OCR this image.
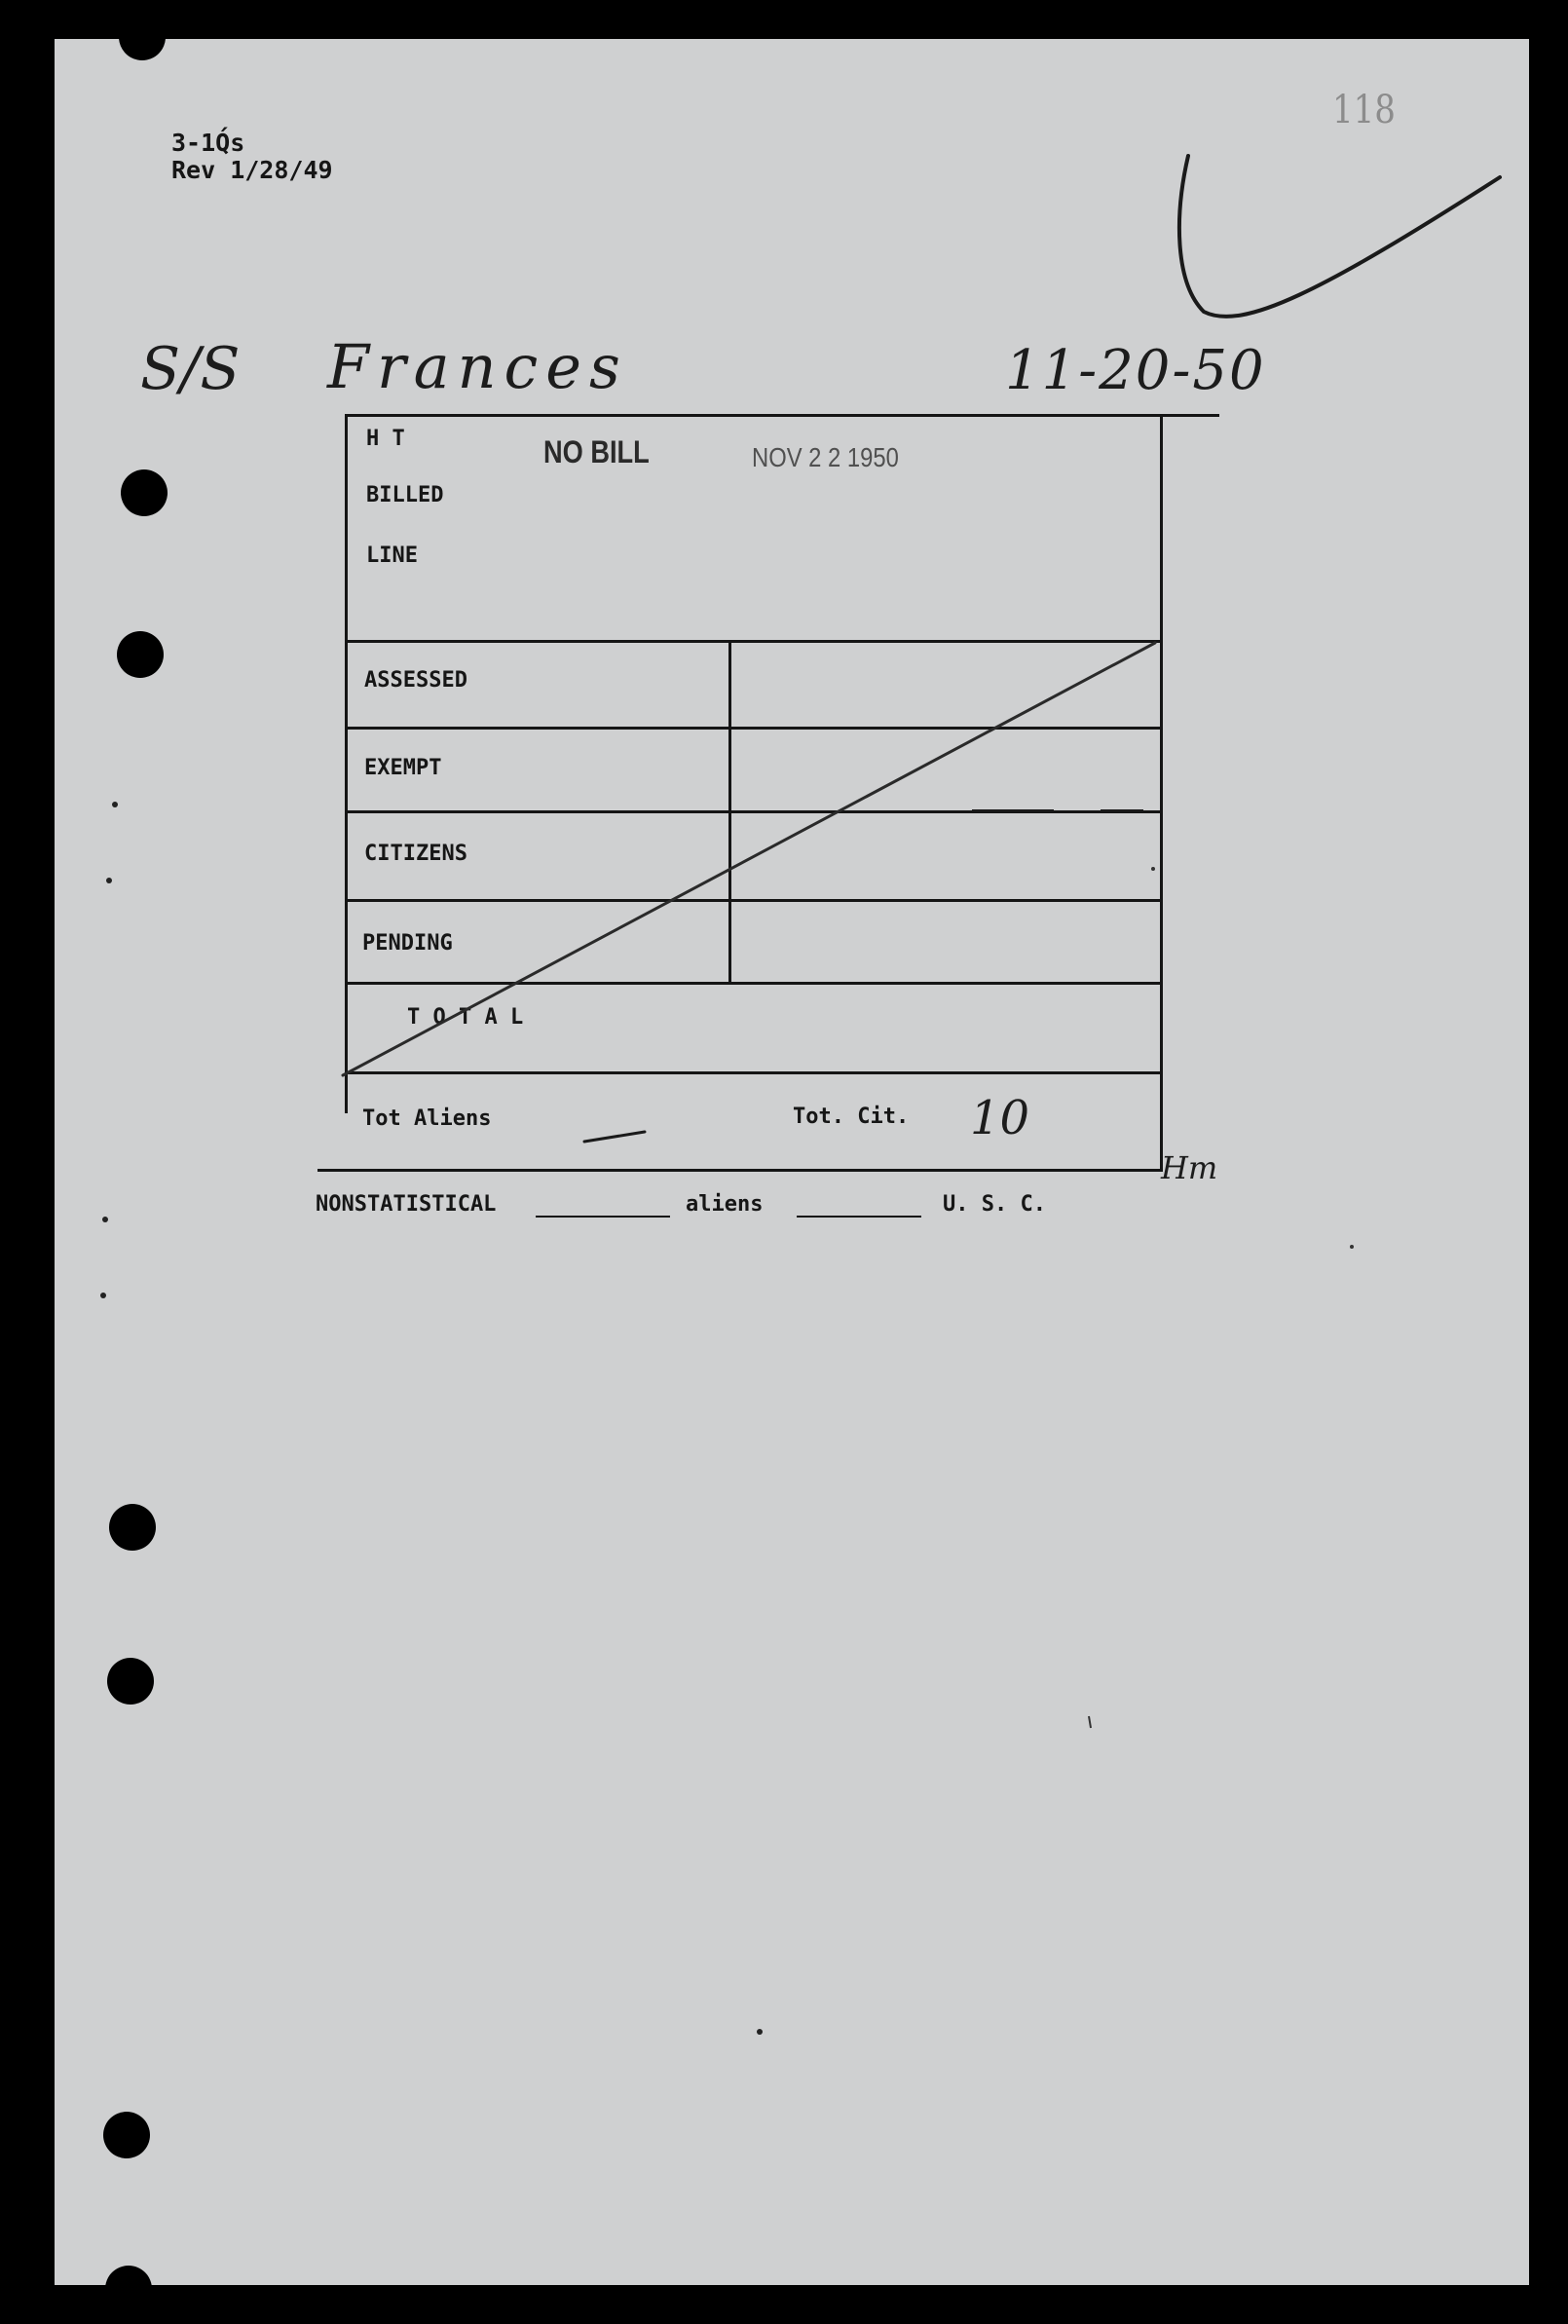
3-1Q́s
Rev 1/28/49
118
S/S Frances	11-20-50
H T
BILLED
LINE
NO BILL	NOV 2 2 1950
ASSESSED
EXEMPT
CITIZENS
PENDING
T O T A L
Tot Aliens	Tot. Cit. 10
Hm
NONSTATISTICAL	aliens	U. S. C.
